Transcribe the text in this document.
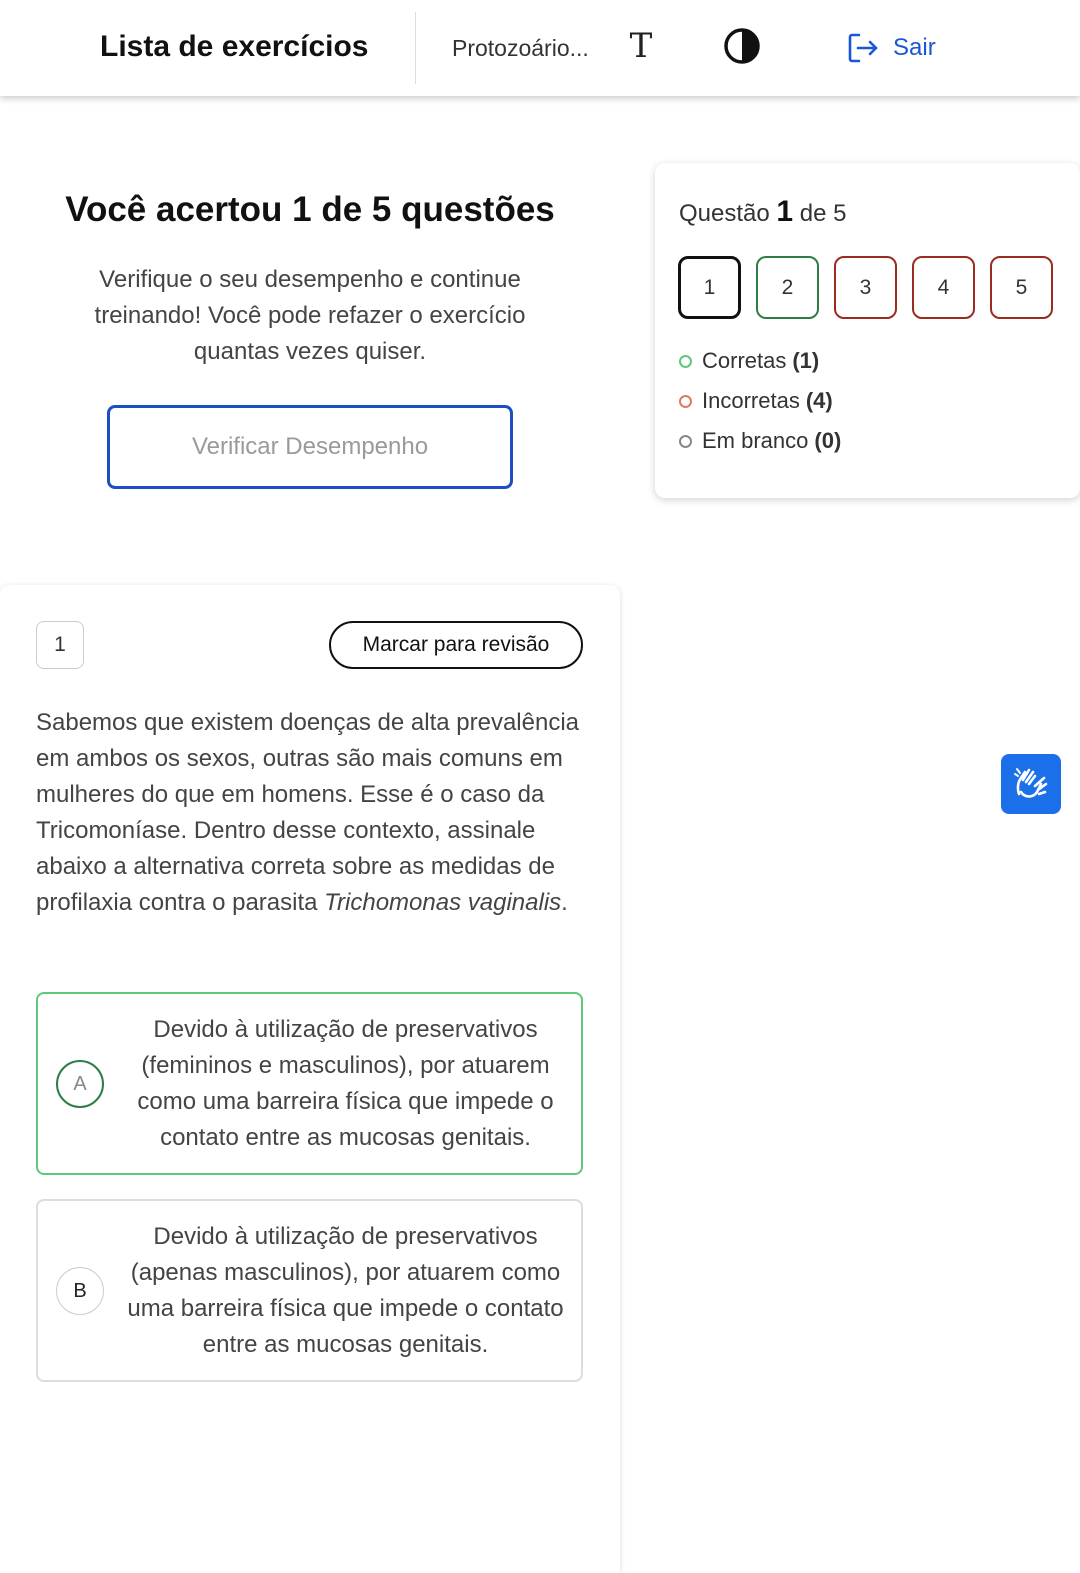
Lista de exercícios	Protozoário... T	Sair
Você acertou 1 de 5 questões
Verifique o seu desempenho e continue treinando! Você pode refazer o exercício quantas vezes quiser.
Verificar Desempenho
Questão 1 de 5
1	2	3	4	5
Corretas (1)
Incorretas (4)
Em branco (0)
1	Marcar para revisão
Sabemos que existem doenças de alta prevalência em ambos os sexos, outras são mais comuns em mulheres do que em homens. Esse é o caso da Tricomoníase. Dentro desse contexto, assinale abaixo a alternativa correta sobre as medidas de profilaxia contra o parasita Trichomonas vaginalis.
A
Devido à utilização de preservativos (femininos e masculinos), por atuarem como uma barreira física que impede o contato entre as mucosas genitais.
B
Devido à utilização de preservativos (apenas masculinos), por atuarem como uma barreira física que impede o contato entre as mucosas genitais.
